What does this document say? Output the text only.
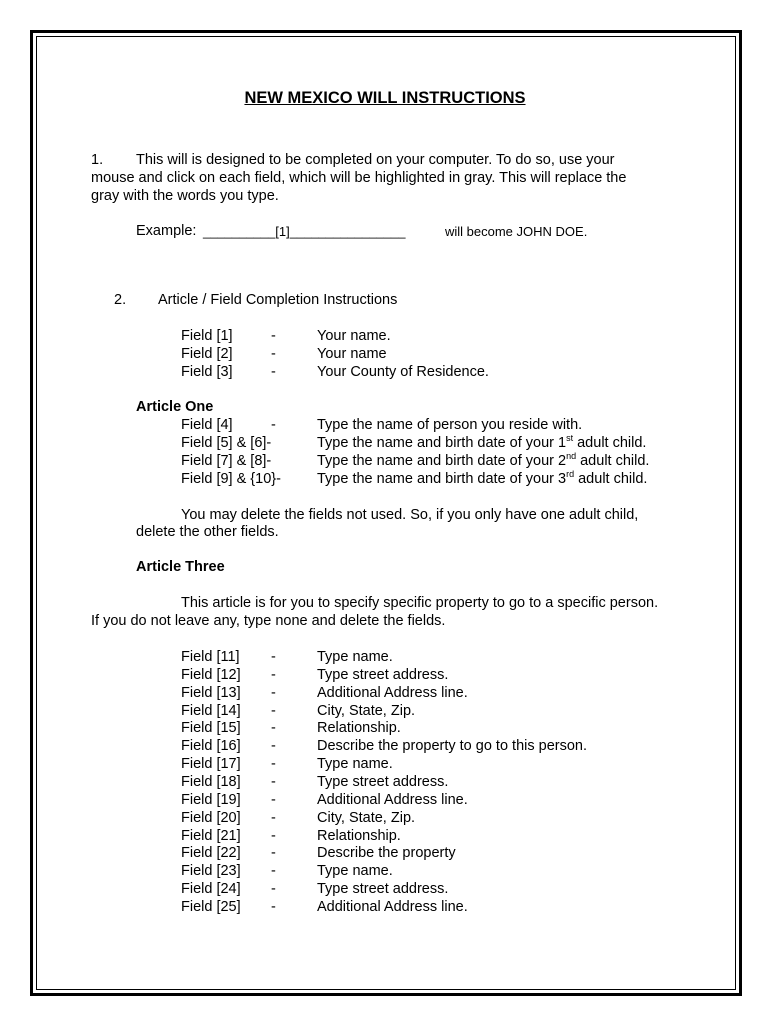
NEW MEXICO WILL INSTRUCTIONS
1. This will is designed to be completed on your computer. To do so, use your
mouse and click on each field, which will be highlighted in gray. This will replace the
gray with the words you type.
Example: __________[1]________________	will become JOHN DOE.
2. Article / Field Completion Instructions
Field [1]	-	Your name.
Field [2]	-	Your name
Field [3]	-	Your County of Residence.
Article One
Field [4]	-	Type the name of person you reside with.
Field [5] & [6]-	Type the name and birth date of your 1st adult child.
Field [7] & [8]-	Type the name and birth date of your 2nd adult child.
Field [9] & {10}- Type the name and birth date of your 3rd adult child.
You may delete the fields not used. So, if you only have one adult child,
delete the other fields.
Article Three
This article is for you to specify specific property to go to a specific person.
If you do not leave any, type none and delete the fields.
Field [11] -	Type name.
Field [12] -	Type street address.
Field [13] -	Additional Address line.
Field [14] -	City, State, Zip.
Field [15] -	Relationship.
Field [16] -	Describe the property to go to this person.
Field [17] -	Type name.
Field [18] -	Type street address.
Field [19] -	Additional Address line.
Field [20] -	City, State, Zip.
Field [21] -	Relationship.
Field [22] -	Describe the property
Field [23] -	Type name.
Field [24] -	Type street address.
Field [25] -	Additional Address line.
